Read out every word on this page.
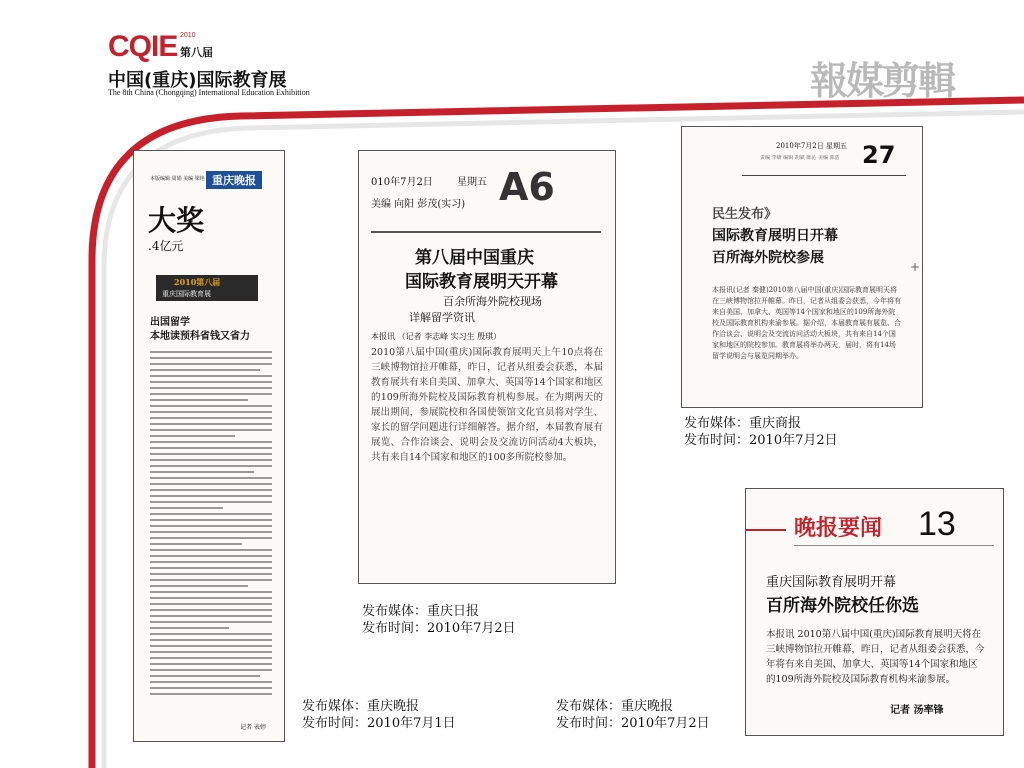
CQIE 2010
第八届
中国(重庆)国际教育展
The 8th China (Chongqing) International Education Exhibition	報媒剪輯
本版编辑 周娟 美编 梁艳 重庆晚报
大奖
.4亿元
2010第八届
重庆国际教育展
出国留学
本地读预科省钱又省力
记者 表婷
010年7月2日 星期五
美编 向阳 彭茂(实习) A6
第八届中国重庆
国际教育展明天开幕
百余所海外院校现场
详解留学资讯
本报讯 （记者 李志峰 实习生 殷琪）
2010第八届中国(重庆)国际教育展明天上午10点将在三峡博物馆拉开帷幕，昨日，记者从组委会获悉，本届教育展共有来自美国、加拿大、英国等14个国家和地区的109所海外院校及国际教育机构参展。在为期两天的展出期间，参展院校和各国使领馆文化官员将对学生、家长的留学问题进行详细解答。据介绍，本届教育展有展览、合作洽谈会、说明会及交流访问活动4大板块，共有来自14个国家和地区的100多所院校参加。
2010年7月2日 星期五
责编 李研 编辑 胡斌 陈沁 美编 郭浩 27
民生发布》
国际教育展明日开幕
百所海外院校参展
本报讯(记者 秦健)2010第八届中国(重庆)国际教育展明天将在三峡博物馆拉开帷幕。昨日，记者从组委会获悉，今年将有来自美国、加拿大、英国等14个国家和地区的109所海外院校及国际教育机构来渝参展。据介绍，本届教育展有展览、合作洽谈会、说明会及交流访问活动大板块，共有来自14个国家和地区的院校参加。教育展将举办两天，届时，将有14场留学说明会与展览同期举办。
发布媒体：重庆商报
发布时间：2010年7月2日
晚报要闻 13
重庆国际教育展明开幕
百所海外院校任你选
本报讯 2010第八届中国(重庆)国际教育展明天将在三峡博物馆拉开帷幕，昨日，记者从组委会获悉，今年将有来自美国、加拿大、英国等14个国家和地区的109所海外院校及国际教育机构来渝参展。
记者 汤率锋
发布媒体：重庆日报
发布时间：2010年7月2日
发布媒体：重庆晚报
发布时间：2010年7月1日
发布媒体：重庆晚报
发布时间：2010年7月2日
+
